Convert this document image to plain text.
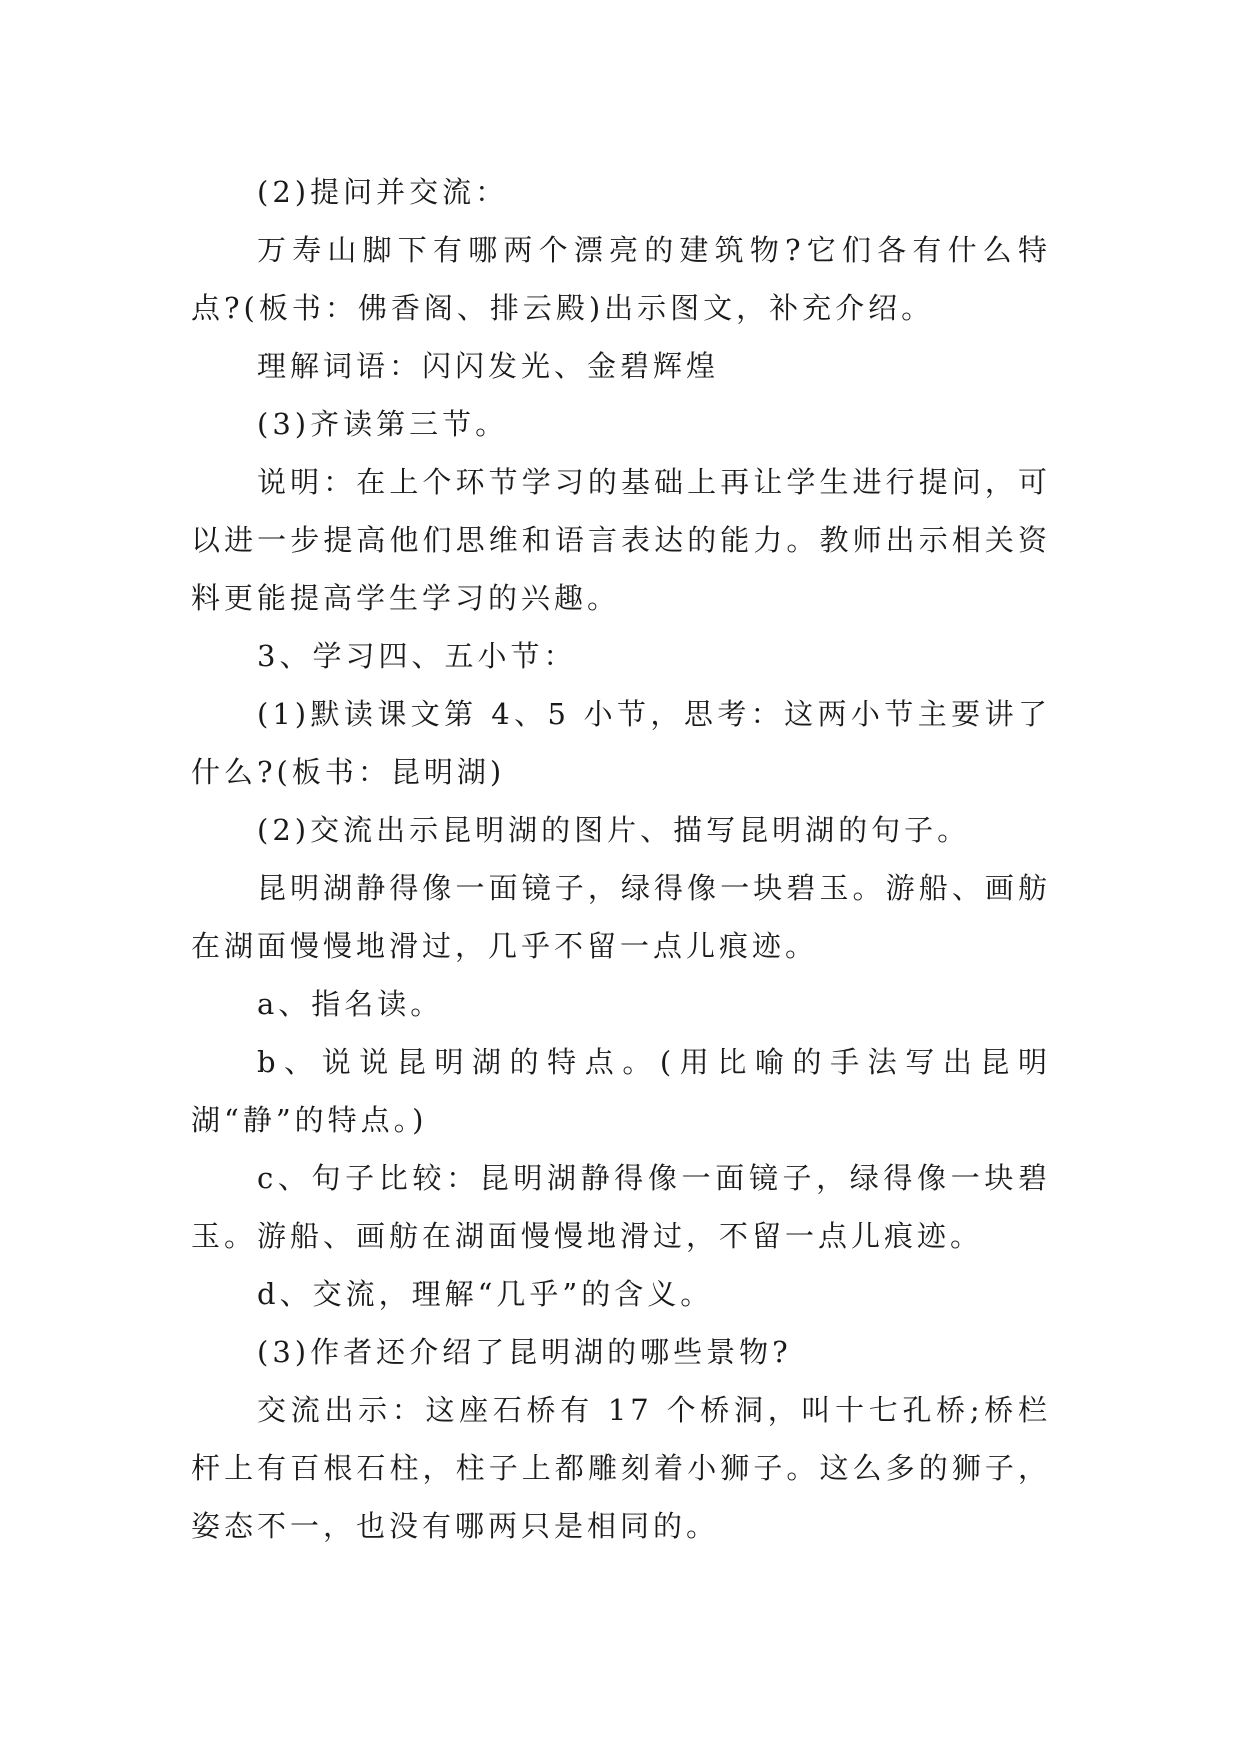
(2)提问并交流：

万寿山脚下有哪两个漂亮的建筑物?它们各有什么特点?(板书：佛香阁、排云殿)出示图文，补充介绍。

理解词语：闪闪发光、金碧辉煌

(3)齐读第三节。

说明：在上个环节学习的基础上再让学生进行提问，可以进一步提高他们思维和语言表达的能力。教师出示相关资料更能提高学生学习的兴趣。

3、学习四、五小节：

(1)默读课文第 4、5 小节，思考：这两小节主要讲了什么?(板书：昆明湖)

(2)交流出示昆明湖的图片、描写昆明湖的句子。

昆明湖静得像一面镜子，绿得像一块碧玉。游船、画舫在湖面慢慢地滑过，几乎不留一点儿痕迹。

a、指名读。

b、说说昆明湖的特点。(用比喻的手法写出昆明湖“静”的特点。)

c、句子比较：昆明湖静得像一面镜子，绿得像一块碧玉。游船、画舫在湖面慢慢地滑过，不留一点儿痕迹。

d、交流，理解“几乎”的含义。

(3)作者还介绍了昆明湖的哪些景物?

交流出示：这座石桥有 17 个桥洞，叫十七孔桥;桥栏杆上有百根石柱，柱子上都雕刻着小狮子。这么多的狮子，姿态不一，也没有哪两只是相同的。
